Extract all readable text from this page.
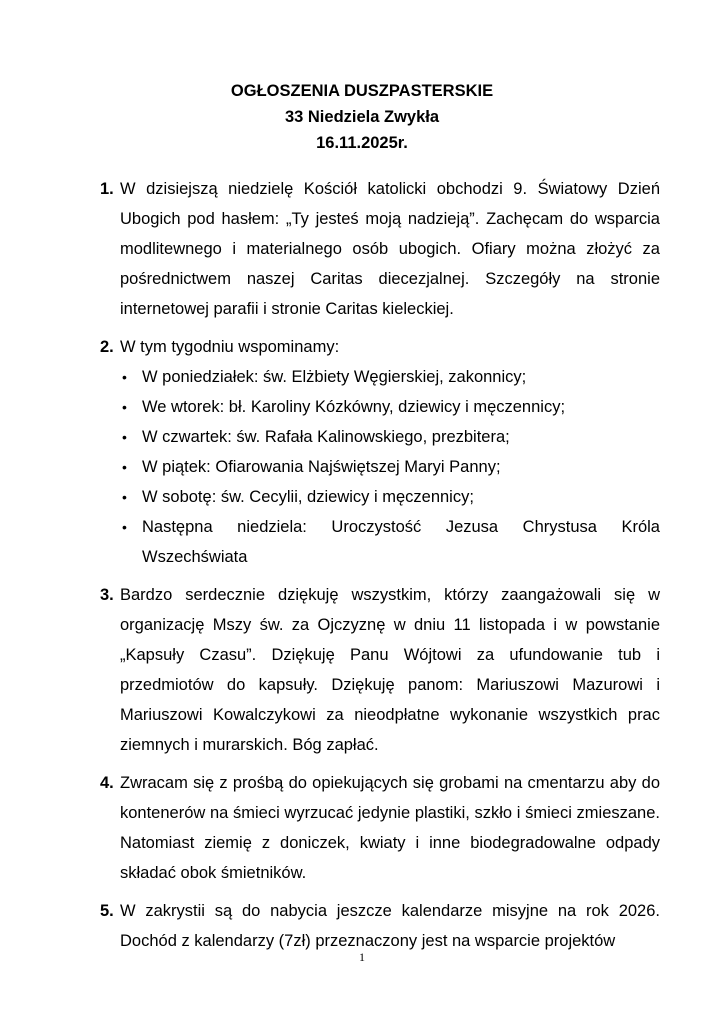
OGŁOSZENIA DUSZPASTERSKIE
33 Niedziela Zwykła
16.11.2025r.
1. W dzisiejszą niedzielę Kościół katolicki obchodzi 9. Światowy Dzień Ubogich pod hasłem: „Ty jesteś moją nadzieją”. Zachęcam do wsparcia modlitewnego i materialnego osób ubogich. Ofiary można złożyć za pośrednictwem naszej Caritas diecezjalnej. Szczegóły na stronie internetowej parafii i stronie Caritas kieleckiej.
2. W tym tygodniu wspominamy:
• W poniedziałek: św. Elżbiety Węgierskiej, zakonnicy;
• We wtorek: bł. Karoliny Kózkówny, dziewicy i męczennicy;
• W czwartek: św. Rafała Kalinowskiego, prezbitera;
• W piątek: Ofiarowania Najświętszej Maryi Panny;
• W sobotę: św. Cecylii, dziewicy i męczennicy;
• Następna niedziela: Uroczystość Jezusa Chrystusa Króla Wszechświata
3. Bardzo serdecznie dziękuję wszystkim, którzy zaangażowali się w organizację Mszy św. za Ojczyznę w dniu 11 listopada i w powstanie „Kapsuły Czasu”. Dziękuję Panu Wójtowi za ufundowanie tub i przedmiotów do kapsuły. Dziękuję panom: Mariuszowi Mazurowi i Mariuszowi Kowalczykowi za nieodpłatne wykonanie wszystkich prac ziemnych i murarskich. Bóg zapłać.
4. Zwracam się z prośbą do opiekujących się grobami na cmentarzu aby do kontenerów na śmieci wyrzucać jedynie plastiki, szkło i śmieci zmieszane. Natomiast ziemię z doniczek, kwiaty i inne biodegradowalne odpady składać obok śmietników.
5. W zakrystii są do nabycia jeszcze kalendarze misyjne na rok 2026. Dochód z kalendarzy (7zł) przeznaczony jest na wsparcie projektów
1
